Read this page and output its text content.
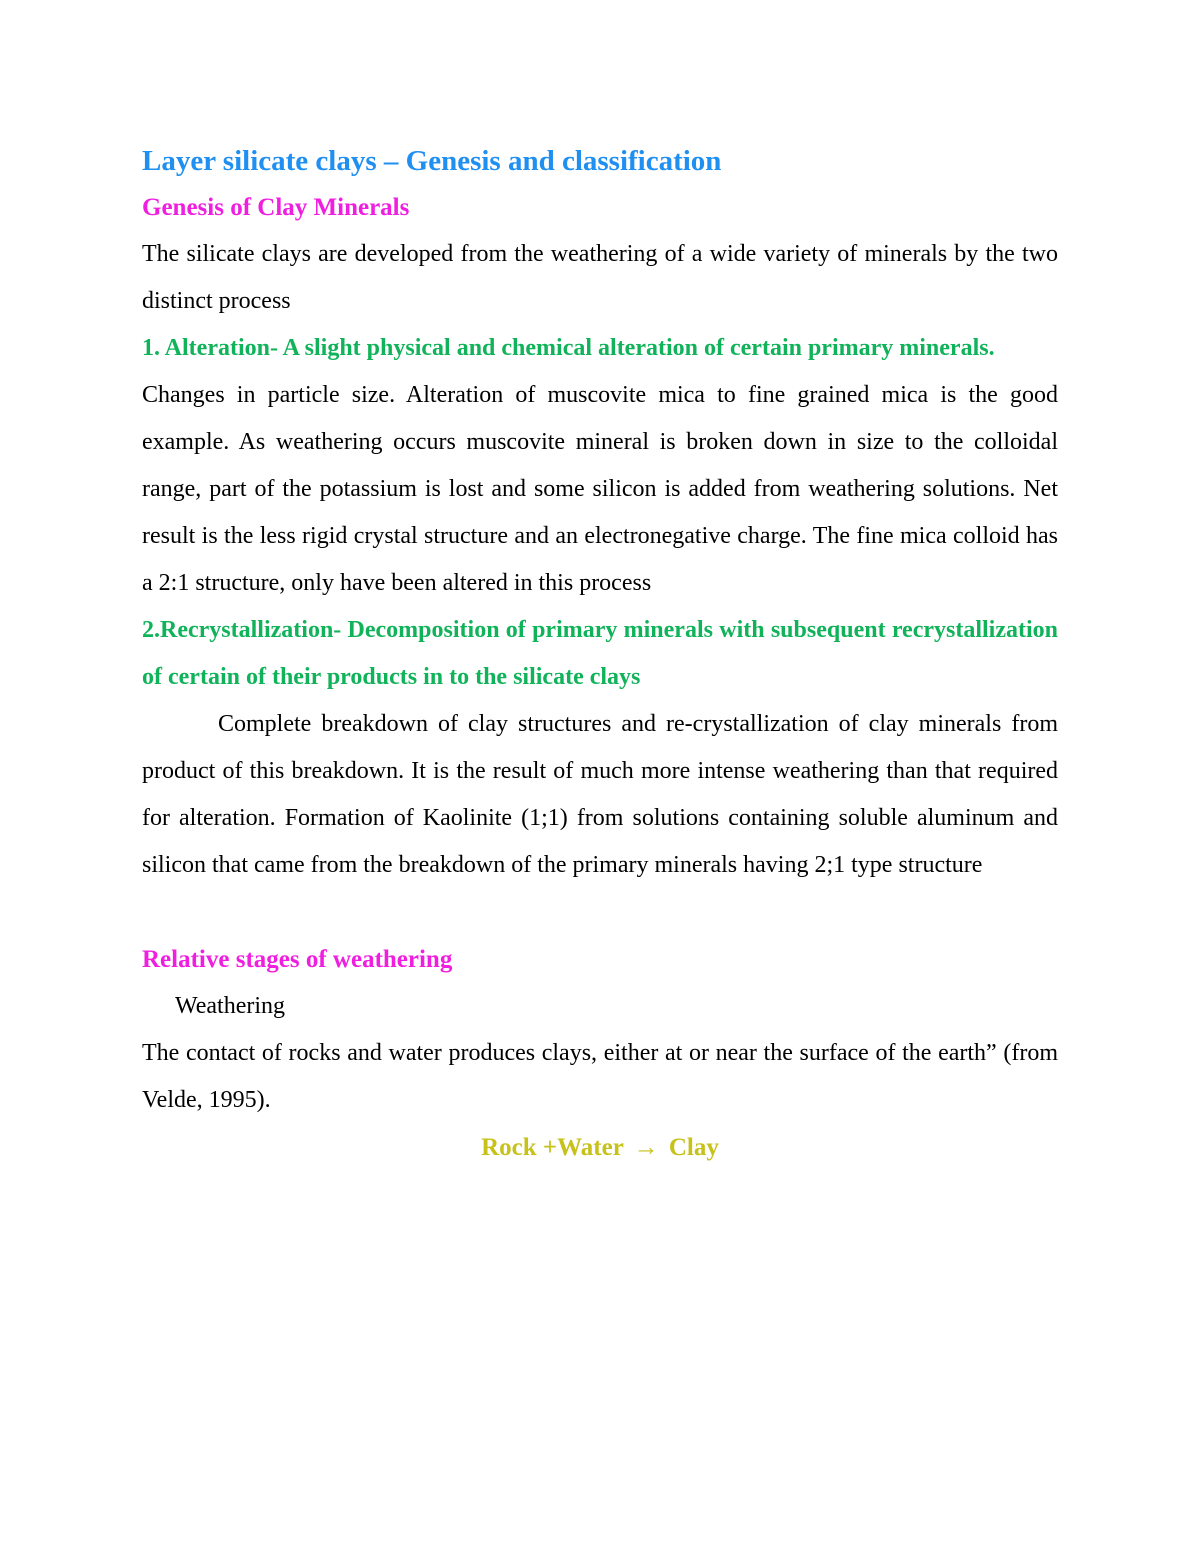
Layer silicate clays – Genesis and classification

Genesis of Clay Minerals

The silicate clays are developed from the weathering of a wide variety of minerals by the two distinct process

1. Alteration- A slight physical and chemical alteration of certain primary minerals.

Changes in particle size. Alteration of muscovite mica to fine grained mica is the good example. As weathering occurs muscovite mineral is broken down in size to the colloidal range, part of the potassium is lost and some silicon is added from weathering solutions. Net result is the less rigid crystal structure and an electronegative charge. The fine mica colloid has a 2:1 structure, only have been altered in this process

2.Recrystallization- Decomposition of primary minerals with subsequent recrystallization of certain of their products in to the silicate clays

Complete breakdown of clay structures and re-crystallization of clay minerals from product of this breakdown. It is the result of much more intense weathering than that required for alteration. Formation of Kaolinite (1;1) from solutions containing soluble aluminum and silicon that came from the breakdown of the primary minerals having 2;1 type structure

Relative stages of weathering

Weathering

The contact of rocks and water produces clays, either at or near the surface of the earth” (from Velde, 1995).

Rock +Water → Clay
